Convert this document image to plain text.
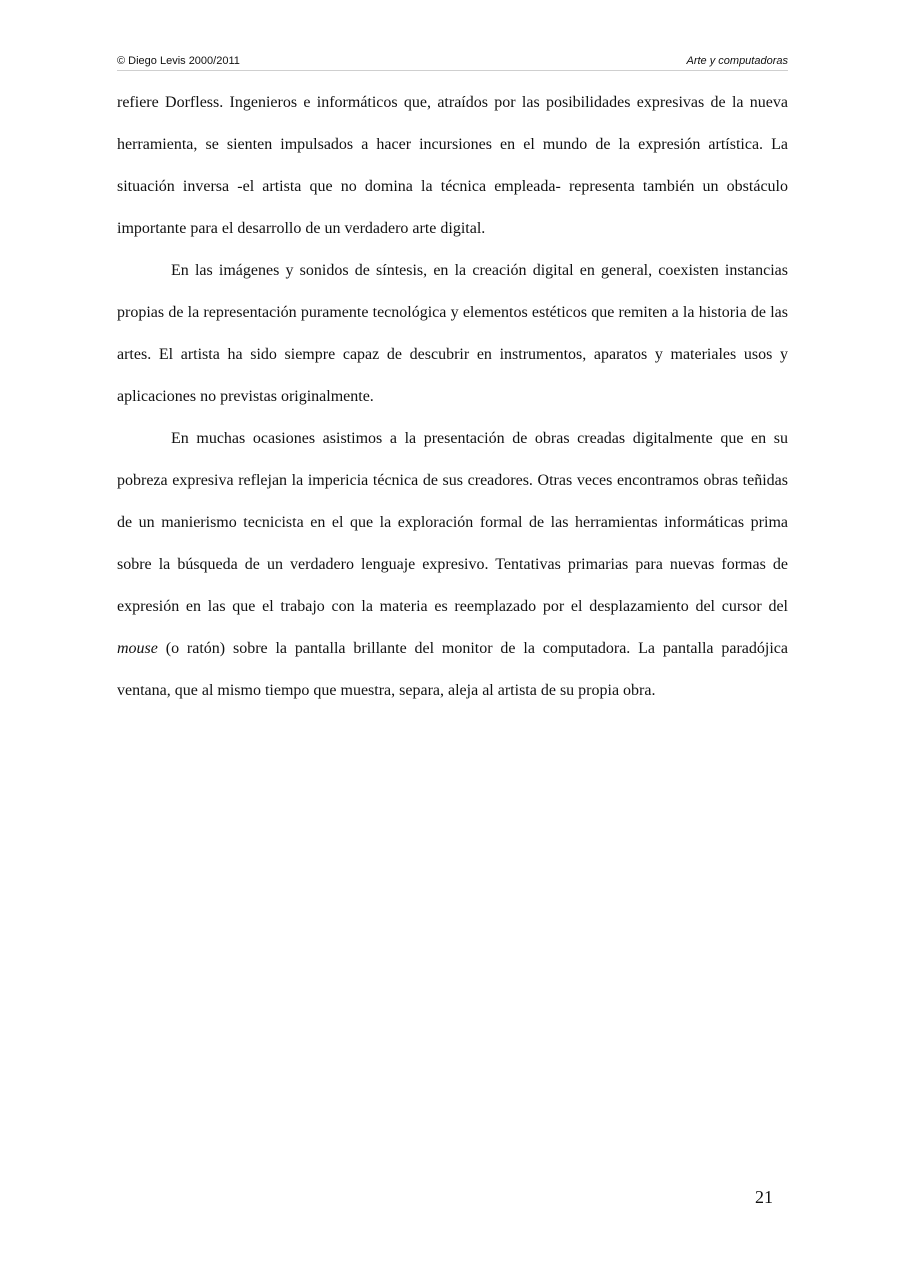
© Diego Levis 2000/2011	Arte y computadoras

refiere Dorfless. Ingenieros e informáticos que, atraídos por las posibilidades expresivas de la nueva herramienta, se sienten impulsados a hacer incursiones en el mundo de la expresión artística. La situación inversa -el artista que no domina la técnica empleada- representa también un obstáculo importante para el desarrollo de un verdadero arte digital.

En las imágenes y sonidos de síntesis, en la creación digital en general, coexisten instancias propias de la representación puramente tecnológica y elementos estéticos que remiten a la historia de las artes. El artista ha sido siempre capaz de descubrir en instrumentos, aparatos y materiales usos y aplicaciones no previstas originalmente.

En muchas ocasiones asistimos a la presentación de obras creadas digitalmente que en su pobreza expresiva reflejan la impericia técnica de sus creadores. Otras veces encontramos obras teñidas de un manierismo tecnicista en el que la exploración formal de las herramientas informáticas prima sobre la búsqueda de un verdadero lenguaje expresivo. Tentativas primarias para nuevas formas de expresión en las que el trabajo con la materia es reemplazado por el desplazamiento del cursor del mouse (o ratón) sobre la pantalla brillante del monitor de la computadora. La pantalla paradójica ventana, que al mismo tiempo que muestra, separa, aleja al artista de su propia obra.

21
